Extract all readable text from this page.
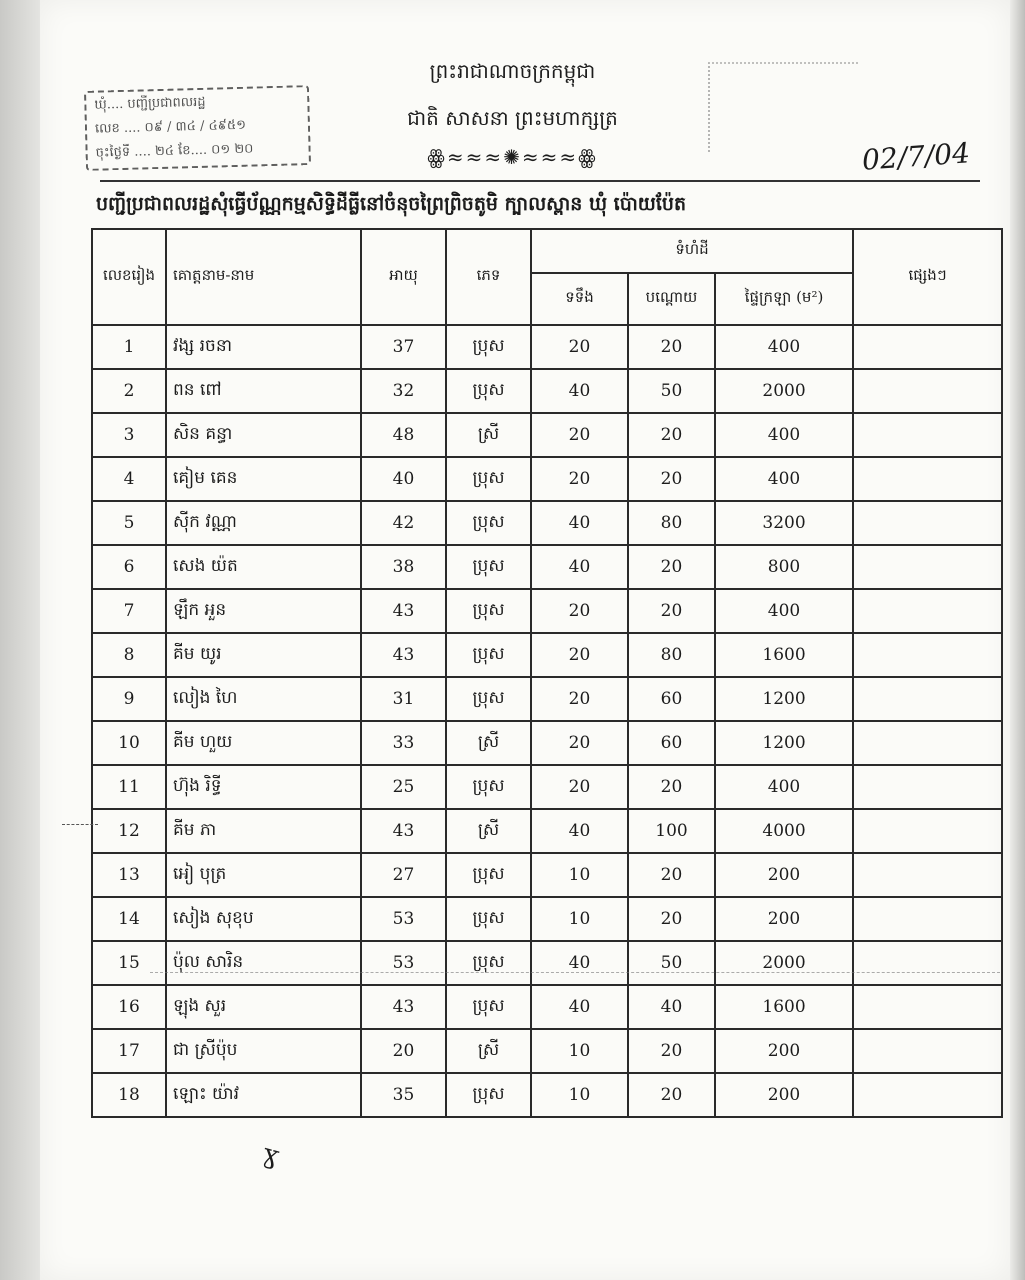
ព្រះរាជាណាចក្រកម្ពុជា
ជាតិ សាសនា ព្រះមហាក្សត្រ
ꙮ≈≈≈✺≈≈≈ꙮ
ឃុំ.... បញ្ជីប្រជាពលរដ្ឋ
លេខ .... ០៩ / ៣៤ / ៤៩៥១
ចុះថ្ងៃទី .... ២៤ ខែ.... ០១ ២០	02/7/04
បញ្ជីប្រជាពលរដ្ឋសុំធ្វើប័ណ្ណកម្មសិទ្ធិដីធ្លីនៅចំនុចព្រៃព្រិចតូមិ ក្បាលស្ពាន ឃុំ ប៉ោយប៉ែត
លេខរៀង	គោត្តនាម-នាម	អាយុ	ភេទ	ទំហំដី			ផ្សេងៗ
				ទទឹង	បណ្តោយ	ផ្ទៃក្រឡា (ម²)	
1	វង្ស រចនា	37	ប្រុស	20	20	400	
2	ពន ពៅ	32	ប្រុស	40	50	2000	
3	សិន គន្ធា	48	ស្រី	20	20	400	
4	គៀម គេន	40	ប្រុស	20	20	400	
5	ស៊ីក វណ្ណា	42	ប្រុស	40	80	3200	
6	សេង យ៉ត	38	ប្រុស	40	20	800	
7	ឡឹក អួន	43	ប្រុស	20	20	400	
8	គីម យូរ	43	ប្រុស	20	80	1600	
9	លៀង ហៃ	31	ប្រុស	20	60	1200	
10	គីម ហួយ	33	ស្រី	20	60	1200	
11	ហ៊ុង រិទ្ធី	25	ប្រុស	20	20	400	
12	គីម ភា	43	ស្រី	40	100	4000	
13	អៀ បុត្រ	27	ប្រុស	10	20	200	
14	សៀង សុខុប	53	ប្រុស	10	20	200	
15	ប៉ុល សារិន	53	ប្រុស	40	50	2000	
16	ឡុង សួរ	43	ប្រុស	40	40	1600	
17	ជា ស្រីប៉ុប	20	ស្រី	10	20	200	
18	ឡោះ យ៉ាវ	35	ប្រុស	10	20	200	
ɣ
